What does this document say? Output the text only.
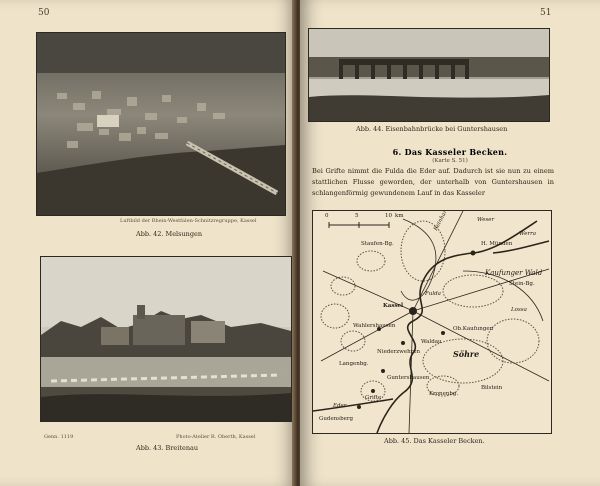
50
Luftbild der Rhein-Westfalen-Schnitzregruppe, Kassel
Abb. 42. Melsungen
Genn. 1119	Photo-Atelier R. Oberth, Kassel
Abb. 43. Breitenau
51
Abb. 44. Eisenbahnbrücke bei Guntershausen
6. Das Kasseler Becken.
(Karte S. 51)
Bei Grifte nimmt die Fulda die Eder auf. Dadurch ist sie nun zu einem stattlichen Flusse geworden, der unterhalb von Guntershausen in schlangenförmig gewundenem Lauf in das Kasseler
0	5	10 km
Kaufunger Wald
Söhre
Staufen-Bg.	H. Münden
Kassel
Wahlershausen
Niederzwehren
Waldau
Ob.Kaufungen
Guntershausen
Grifte
Gudensberg
Langenbg.
Eder
Fulda
Werra
Weser
Lossa
Bilstein
Kronenbg.
Stein-Bg.
Abb. 45. Das Kasseler Becken.
